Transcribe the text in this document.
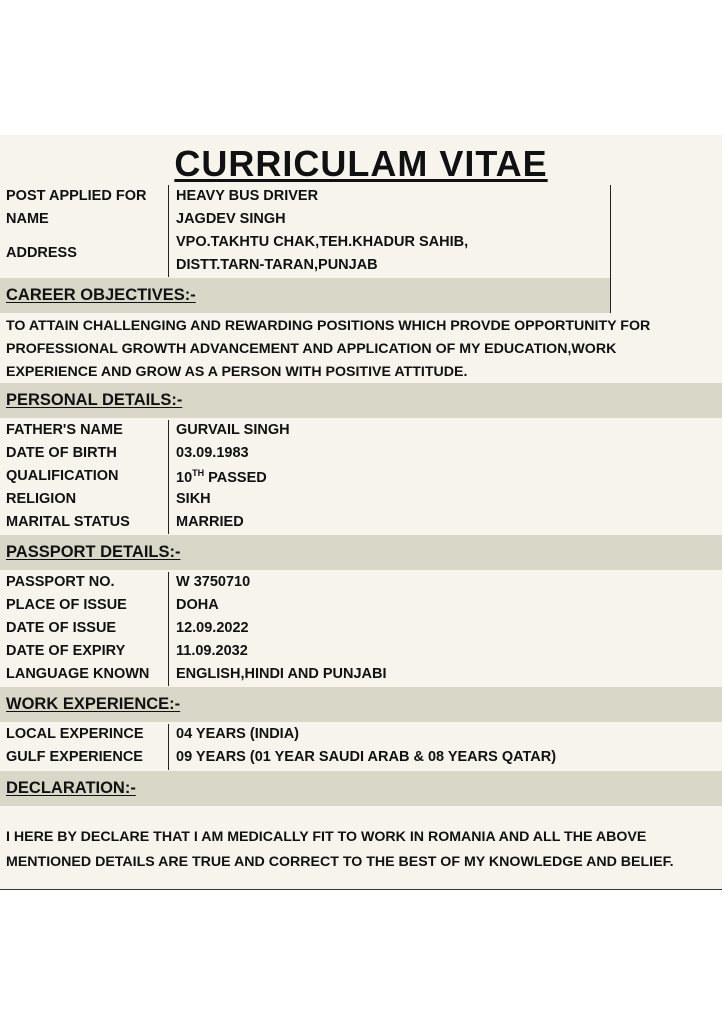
CURRICULAM VITAE
POST APPLIED FOR HEAVY BUS DRIVER
NAME	JAGDEV SINGH
ADDRESS
VPO.TAKHTU CHAK,TEH.KHADUR SAHIB,
DISTT.TARN-TARAN,PUNJAB
CAREER OBJECTIVES:-
TO ATTAIN CHALLENGING AND REWARDING POSITIONS WHICH PROVDE OPPORTUNITY FOR
PROFESSIONAL GROWTH ADVANCEMENT AND APPLICATION OF MY EDUCATION,WORK
EXPERIENCE AND GROW AS A PERSON WITH POSITIVE ATTITUDE.
PERSONAL DETAILS:-
FATHER'S NAME	GURVAIL SINGH
DATE OF BIRTH	03.09.1983
QUALIFICATION	10TH PASSED
RELIGION	SIKH
MARITAL STATUS	MARRIED
PASSPORT DETAILS:-
PASSPORT NO.	W 3750710
PLACE OF ISSUE	DOHA
DATE OF ISSUE	12.09.2022
DATE OF EXPIRY	11.09.2032
LANGUAGE KNOWN ENGLISH,HINDI AND PUNJABI
WORK EXPERIENCE:-
LOCAL EXPERINCE 04 YEARS (INDIA)
GULF EXPERIENCE 09 YEARS (01 YEAR SAUDI ARAB & 08 YEARS QATAR)
DECLARATION:-
I HERE BY DECLARE THAT I AM MEDICALLY FIT TO WORK IN ROMANIA AND ALL THE ABOVE
MENTIONED DETAILS ARE TRUE AND CORRECT TO THE BEST OF MY KNOWLEDGE AND BELIEF.
